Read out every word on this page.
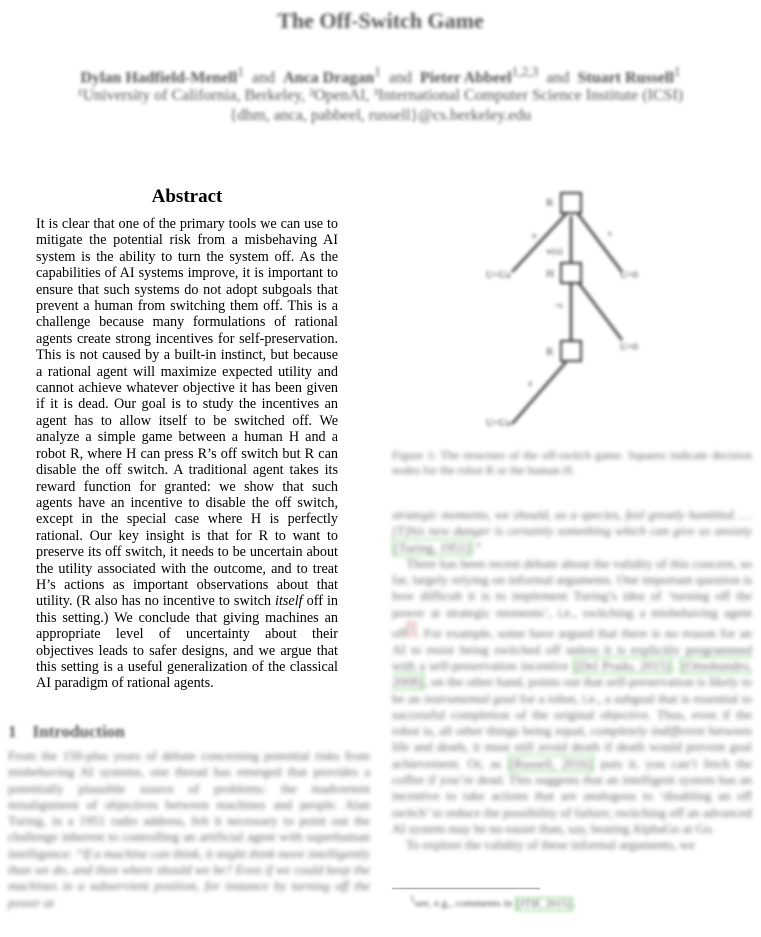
The Off-Switch Game
Dylan Hadfield-Menell$^1$ and Anca Dragan$^1$ and Pieter Abbeel$^{1,2,3}$ and Stuart Russell$^1$
¹University of California, Berkeley, ²OpenAI, ³International Computer Science Institute (ICSI)
{dhm, anca, pabbeel, russell}@cs.berkeley.edu
Abstract
It is clear that one of the primary tools we can use to mitigate the potential risk from a misbehaving AI system is the ability to turn the system off. As the capabilities of AI systems improve, it is important to ensure that such systems do not adopt subgoals that prevent a human from switching them off. This is a challenge because many formulations of rational agents create strong incentives for self-preservation. This is not caused by a built-in instinct, but because a rational agent will maximize expected utility and cannot achieve whatever objective it has been given if it is dead. Our goal is to study the incentives an agent has to allow itself to be switched off. We analyze a simple game between a human H and a robot R, where H can press R’s off switch but R can disable the off switch. A traditional agent takes its reward function for granted: we show that such agents have an incentive to disable the off switch, except in the special case where H is perfectly rational. Our key insight is that for R to want to preserve its off switch, it needs to be uncertain about the utility associated with the outcome, and to treat H’s actions as important observations about that utility. (R also has no incentive to switch itself off in this setting.) We conclude that giving machines an appropriate level of uncertainty about their objectives leads to safer designs, and we argue that this setting is a useful generalization of the classical AI paradigm of rational agents.
1 Introduction
From the 150-plus years of debate concerning potential risks from misbehaving AI systems, one thread has emerged that provides a potentially plausible source of problems: the inadvertent misalignment of objectives between machines and people. Alan Turing, in a 1951 radio address, felt it necessary to point out the challenge inherent to controlling an artificial agent with superhuman intelligence: “If a machine can think, it might think more intelligently than we do, and then where should we be? Even if we could keep the machines in a subservient position, for instance by turning off the power at
R
H
R
w(a)
a	s
¬s
a
U=Ua	U=0
U=0
U=Ua
Figure 1: The structure of the off-switch game. Squares indicate decision nodes for the robot R or the human H.

strategic moments, we should, as a species, feel greatly humbled. … [T]his new danger is certainly something which can give us anxiety [Turing, 1951] .”

There has been recent debate about the validity of this concern, so far, largely relying on informal arguments. One important question is how difficult it is to implement Turing’s idea of ‘turning off the power at strategic moments’, i.e., switching a misbehaving agent off $^1$ . For example, some have argued that there is no reason for an AI to resist being switched off unless it is explicitly programmed with a self-preservation incentive [Del Prado, 2015] . [Omohundro, 2008] , on the other hand, points out that self-preservation is likely to be an instrumental goal for a robot, i.e., a subgoal that is essential to successful completion of the original objective. Thus, even if the robot is, all other things being equal, completely indifferent between life and death, it must still avoid death if death would prevent goal achievement. Or, as [Russell, 2016] puts it, you can’t fetch the coffee if you’re dead. This suggests that an intelligent system has an incentive to take actions that are analogous to ‘disabling an off switch’ to reduce the possibility of failure; switching off an advanced AI system may be no easier than, say, beating AlphaGo at Go.

To explore the validity of these informal arguments, we

$^1$see, e.g., comments in [ITIF, 2015] .
